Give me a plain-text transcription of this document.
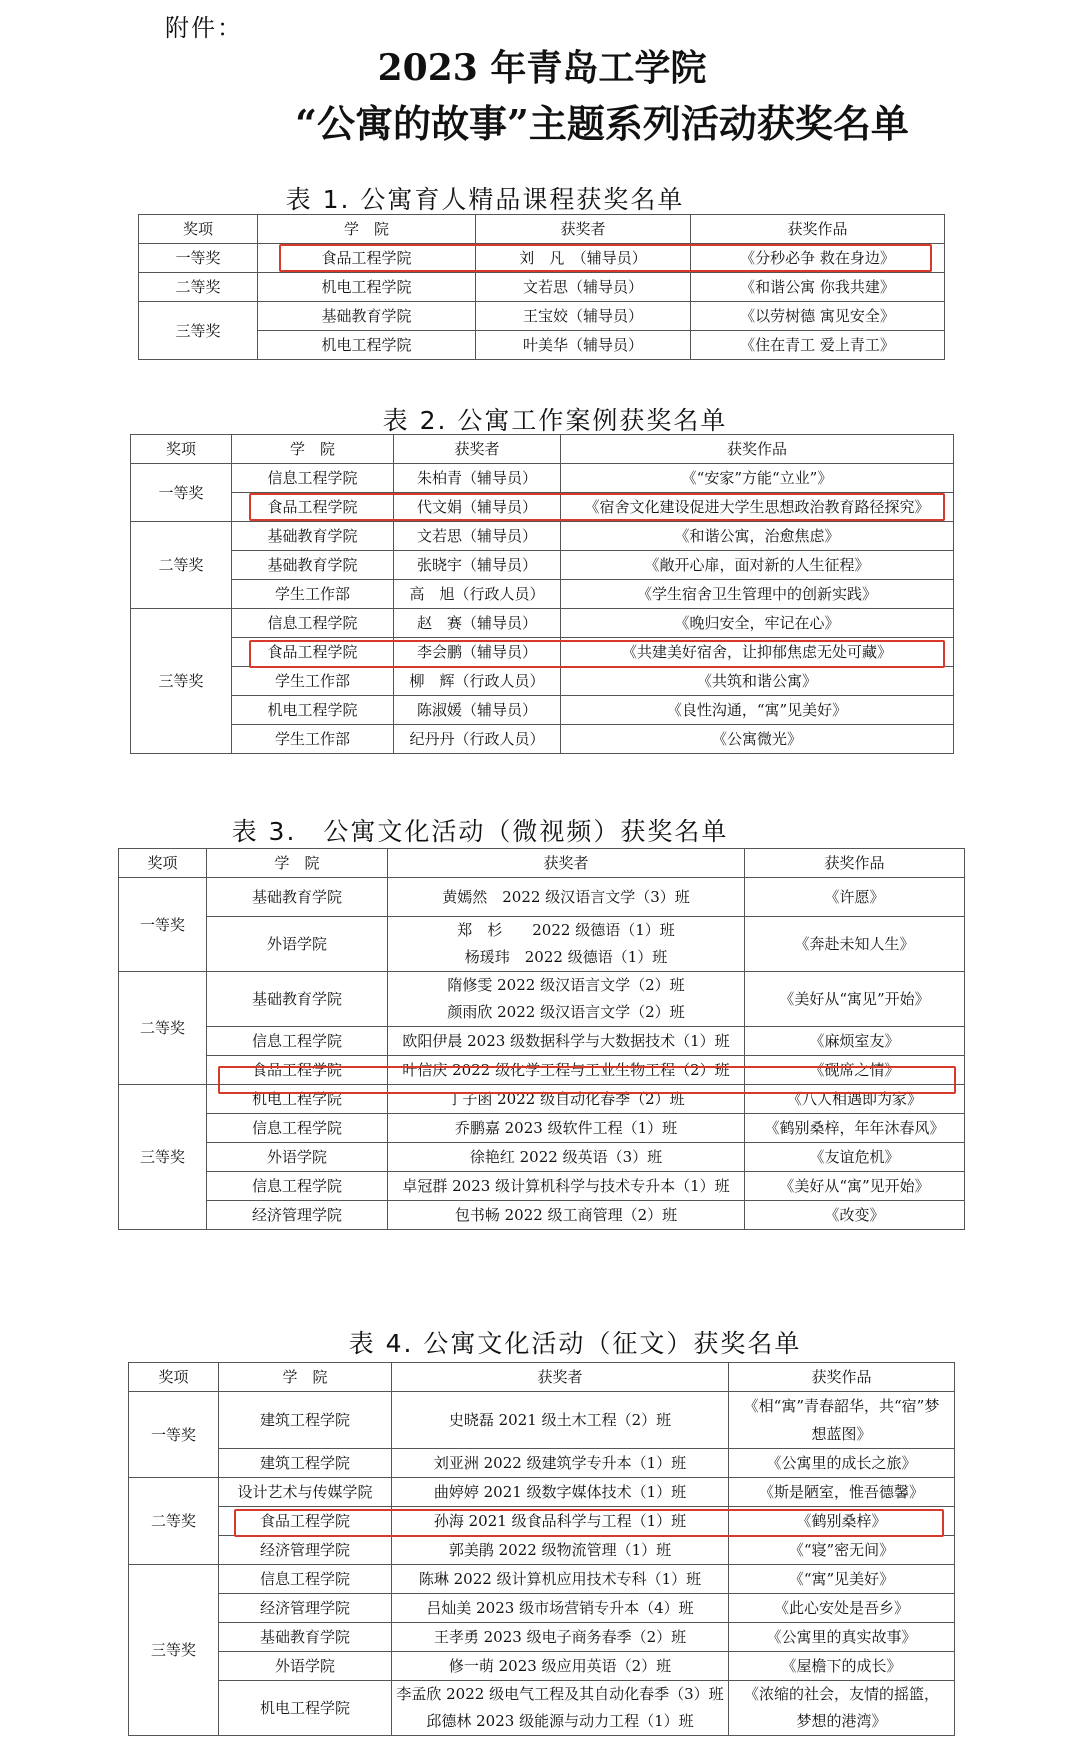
附件：
2023 年青岛工学院
“公寓的故事”主题系列活动获奖名单
表 1. 公寓育人精品课程获奖名单
奖项	学　院	获奖者	获奖作品
一等奖	食品工程学院	刘　凡　（辅导员）	《分秒必争 救在身边》
二等奖	机电工程学院	文若思（辅导员）	《和谐公寓 你我共建》
三等奖	基础教育学院	王宝姣（辅导员）	《以劳树德 寓见安全》
	机电工程学院	叶美华（辅导员）	《住在青工 爱上青工》
表 2. 公寓工作案例获奖名单
奖项	学　院	获奖者	获奖作品
一等奖	信息工程学院	朱柏青（辅导员）	《“安家”方能“立业”》
	食品工程学院	代文娟（辅导员）	《宿舍文化建设促进大学生思想政治教育路径探究》
二等奖	基础教育学院	文若思（辅导员）	《和谐公寓，治愈焦虑》
	基础教育学院	张晓宇（辅导员）	《敞开心扉，面对新的人生征程》
	学生工作部	高　旭（行政人员）	《学生宿舍卫生管理中的创新实践》
三等奖	信息工程学院	赵　赛（辅导员）	《晚归安全，牢记在心》
	食品工程学院	李会鹏（辅导员）	《共建美好宿舍，让抑郁焦虑无处可藏》
	学生工作部	柳　辉（行政人员）	《共筑和谐公寓》
	机电工程学院	陈淑媛（辅导员）	《良性沟通，“寓”见美好》
	学生工作部	纪丹丹（行政人员）	《公寓微光》
表 3.　公寓文化活动（微视频）获奖名单
奖项	学　院	获奖者	获奖作品
一等奖	基础教育学院	黄嫣然　2022 级汉语言文学（3）班	《许愿》
	外语学院	郑　杉　　2022 级德语（1）班
杨瑗玮　2022 级德语（1）班	《奔赴未知人生》
二等奖	基础教育学院	隋修雯 2022 级汉语言文学（2）班
颜雨欣 2022 级汉语言文学（2）班	《美好从“寓见”开始》
	信息工程学院	欧阳伊晨 2023 级数据科学与大数据技术（1）班	《麻烦室友》
	食品工程学院	叶信庆 2022 级化学工程与工业生物工程（2）班	《砚席之情》
三等奖	机电工程学院	丁子函 2022 级自动化春季（2）班	《八人相遇即为家》
	信息工程学院	乔鹏嘉 2023 级软件工程（1）班	《鹤别桑梓，年年沐春风》
	外语学院	徐艳红 2022 级英语（3）班	《友谊危机》
	信息工程学院	卓冠群 2023 级计算机科学与技术专升本（1）班	《美好从“寓”见开始》
	经济管理学院	包书畅 2022 级工商管理（2）班	《改变》
表 4. 公寓文化活动（征文）获奖名单
奖项	学　院	获奖者	获奖作品
一等奖	建筑工程学院	史晓磊 2021 级土木工程（2）班	《相“寓”青春韶华，共“宿”梦想蓝图》
	建筑工程学院	刘亚洲 2022 级建筑学专升本（1）班	《公寓里的成长之旅》
二等奖	设计艺术与传媒学院	曲婷婷 2021 级数字媒体技术（1）班	《斯是陋室，惟吾德馨》
	食品工程学院	孙海 2021 级食品科学与工程（1）班	《鹤别桑梓》
	经济管理学院	郭美鹃 2022 级物流管理（1）班	《“寝”密无间》
三等奖	信息工程学院	陈琳 2022 级计算机应用技术专科（1）班	《“寓”见美好》
	经济管理学院	吕灿美 2023 级市场营销专升本（4）班	《此心安处是吾乡》
	基础教育学院	王孝勇 2023 级电子商务春季（2）班	《公寓里的真实故事》
	外语学院	修一萌 2023 级应用英语（2）班	《屋檐下的成长》
	机电工程学院	李孟欣 2022 级电气工程及其自动化春季（3）班
邱德林 2023 级能源与动力工程（1）班	《浓缩的社会，友情的摇篮，梦想的港湾》
